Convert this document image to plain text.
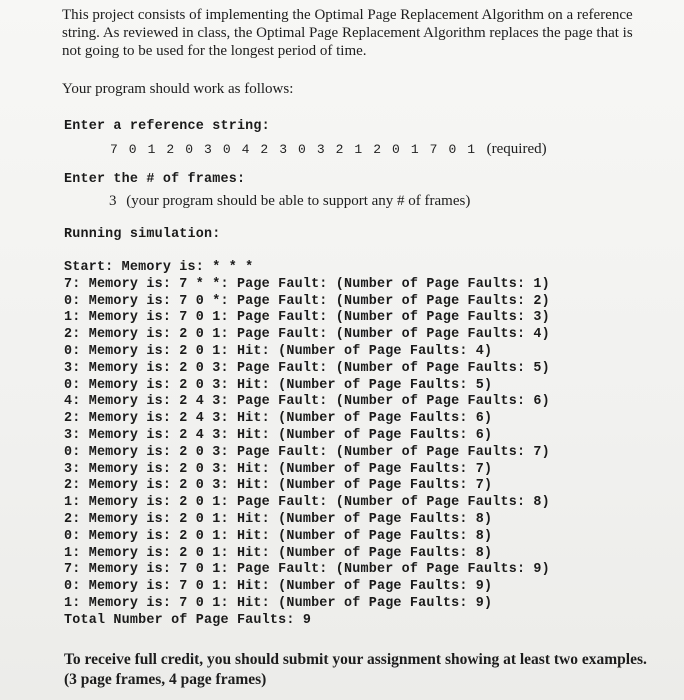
This project consists of implementing the Optimal Page Replacement Algorithm on a reference string. As reviewed in class, the Optimal Page Replacement Algorithm replaces the page that is not going to be used for the longest period of time.

Your program should work as follows:
Enter a reference string:
7 0 1 2 0 3 0 4 2 3 0 3 2 1 2 0 1 7 0 1 (required)
Enter the # of frames:
3 (your program should be able to support any # of frames)
Running simulation:
Start: Memory is: * * *
7: Memory is: 7 * *: Page Fault: (Number of Page Faults: 1)
0: Memory is: 7 0 *: Page Fault: (Number of Page Faults: 2)
1: Memory is: 7 0 1: Page Fault: (Number of Page Faults: 3)
2: Memory is: 2 0 1: Page Fault: (Number of Page Faults: 4)
0: Memory is: 2 0 1: Hit: (Number of Page Faults: 4)
3: Memory is: 2 0 3: Page Fault: (Number of Page Faults: 5)
0: Memory is: 2 0 3: Hit: (Number of Page Faults: 5)
4: Memory is: 2 4 3: Page Fault: (Number of Page Faults: 6)
2: Memory is: 2 4 3: Hit: (Number of Page Faults: 6)
3: Memory is: 2 4 3: Hit: (Number of Page Faults: 6)
0: Memory is: 2 0 3: Page Fault: (Number of Page Faults: 7)
3: Memory is: 2 0 3: Hit: (Number of Page Faults: 7)
2: Memory is: 2 0 3: Hit: (Number of Page Faults: 7)
1: Memory is: 2 0 1: Page Fault: (Number of Page Faults: 8)
2: Memory is: 2 0 1: Hit: (Number of Page Faults: 8)
0: Memory is: 2 0 1: Hit: (Number of Page Faults: 8)
1: Memory is: 2 0 1: Hit: (Number of Page Faults: 8)
7: Memory is: 7 0 1: Page Fault: (Number of Page Faults: 9)
0: Memory is: 7 0 1: Hit: (Number of Page Faults: 9)
1: Memory is: 7 0 1: Hit: (Number of Page Faults: 9)
Total Number of Page Faults: 9
To receive full credit, you should submit your assignment showing at least two examples. (3 page frames, 4 page frames)
